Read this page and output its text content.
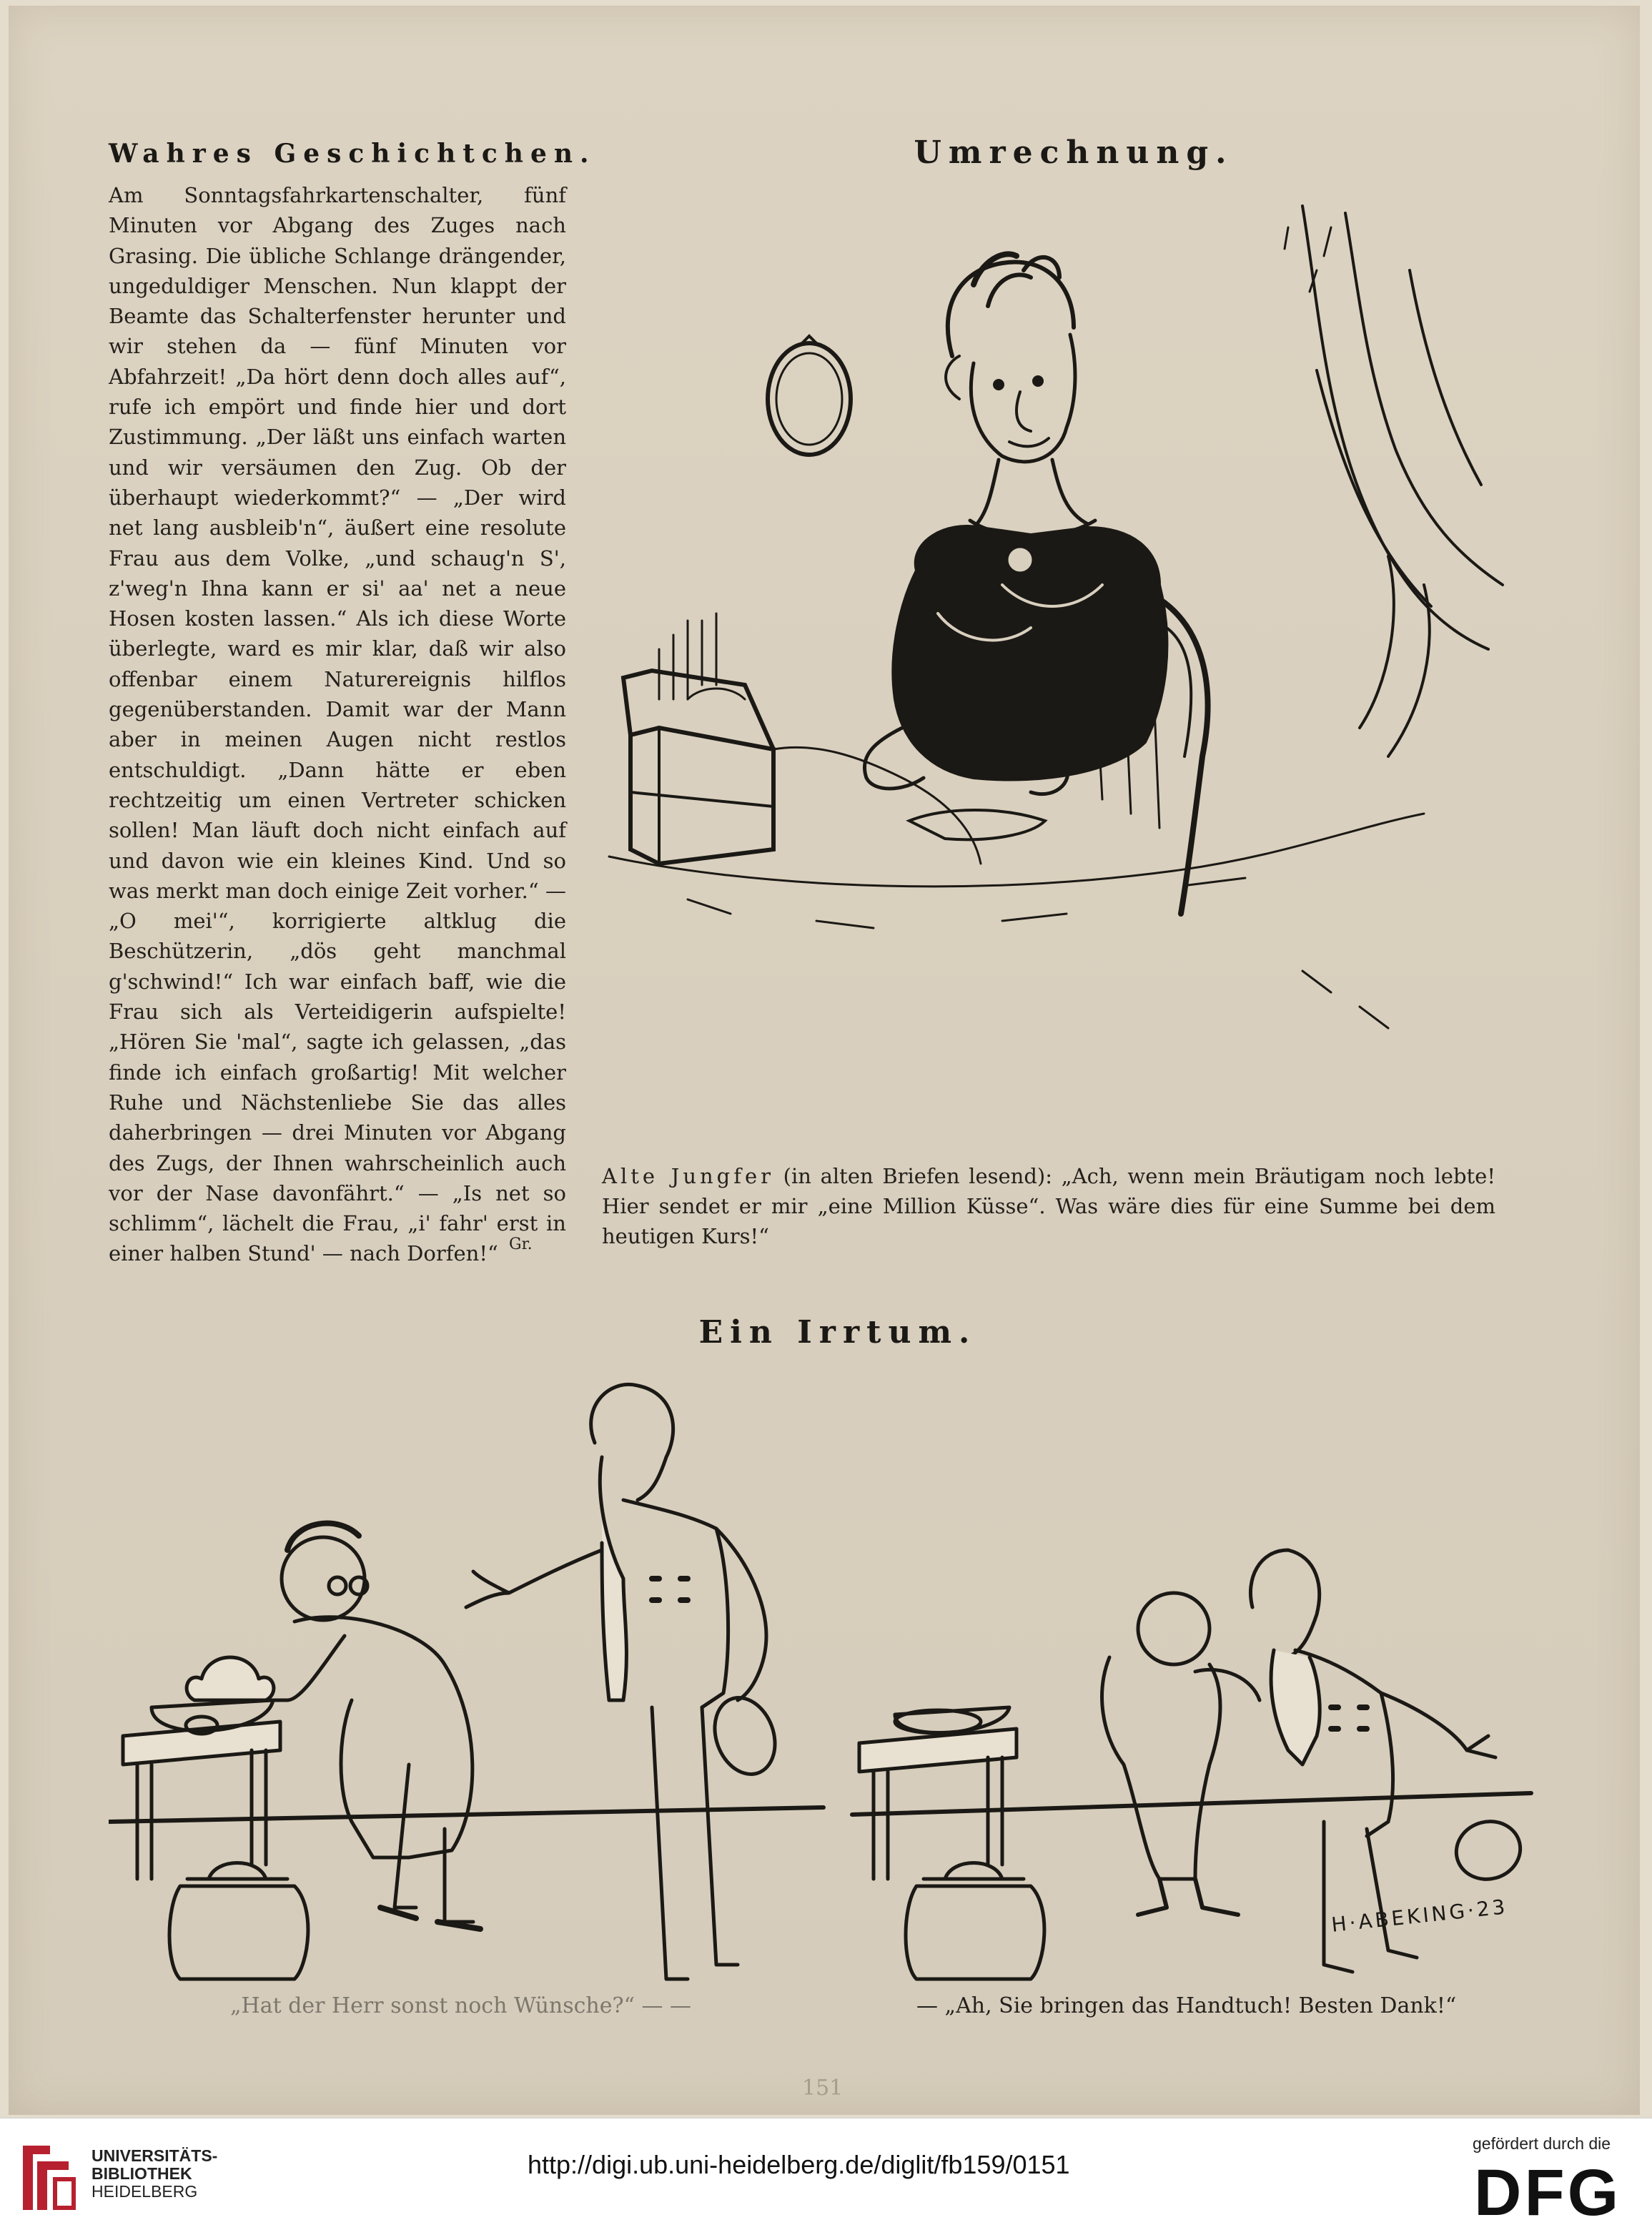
Wahres Geschichtchen.
Am Sonntagsfahrkartenschalter, fünf Minuten vor Abgang des Zuges nach Grasing. Die übliche Schlange drängender, ungeduldiger Menschen. Nun klappt der Beamte das Schalterfenster herunter und wir stehen da — fünf Minuten vor Abfahrzeit! „Da hört denn doch alles auf“, rufe ich empört und finde hier und dort Zustimmung. „Der läßt uns einfach warten und wir versäumen den Zug. Ob der überhaupt wiederkommt?“ — „Der wird net lang ausbleib'n“, äußert eine resolute Frau aus dem Volke, „und schaug'n S', z'weg'n Ihna kann er si' aa' net a neue Hosen kosten lassen.“ Als ich diese Worte überlegte, ward es mir klar, daß wir also offenbar einem Naturereignis hilflos gegenüberstanden. Damit war der Mann aber in meinen Augen nicht restlos entschuldigt. „Dann hätte er eben rechtzeitig um einen Vertreter schicken sollen! Man läuft doch nicht einfach auf und davon wie ein kleines Kind. Und so was merkt man doch einige Zeit vorher.“ — „O mei'“, korrigierte altklug die Beschützerin, „dös geht manchmal g'schwind!“ Ich war einfach baff, wie die Frau sich als Verteidigerin aufspielte! „Hören Sie 'mal“, sagte ich gelassen, „das finde ich einfach großartig! Mit welcher Ruhe und Nächstenliebe Sie das alles daherbringen — drei Minuten vor Abgang des Zugs, der Ihnen wahrscheinlich auch vor der Nase davonfährt.“ — „Is net so schlimm“, lächelt die Frau, „i' fahr' erst in einer halben Stund' — nach Dorfen!“ Gr.
Umrechnung.
Alte Jungfer (in alten Briefen lesend): „Ach, wenn mein Bräutigam noch lebte! Hier sendet er mir „eine Million Küsse“. Was wäre dies für eine Summe bei dem heutigen Kurs!“
Ein Irrtum.
H·ABEKING·23
„Hat der Herr sonst noch Wünsche?“ — —	— „Ah, Sie bringen das Handtuch! Besten Dank!“
151
UNIVERSITÄTS-
BIBLIOTHEK
HEIDELBERG
http://digi.ub.uni-heidelberg.de/diglit/fb159/0151
gefördert durch die
DFG
